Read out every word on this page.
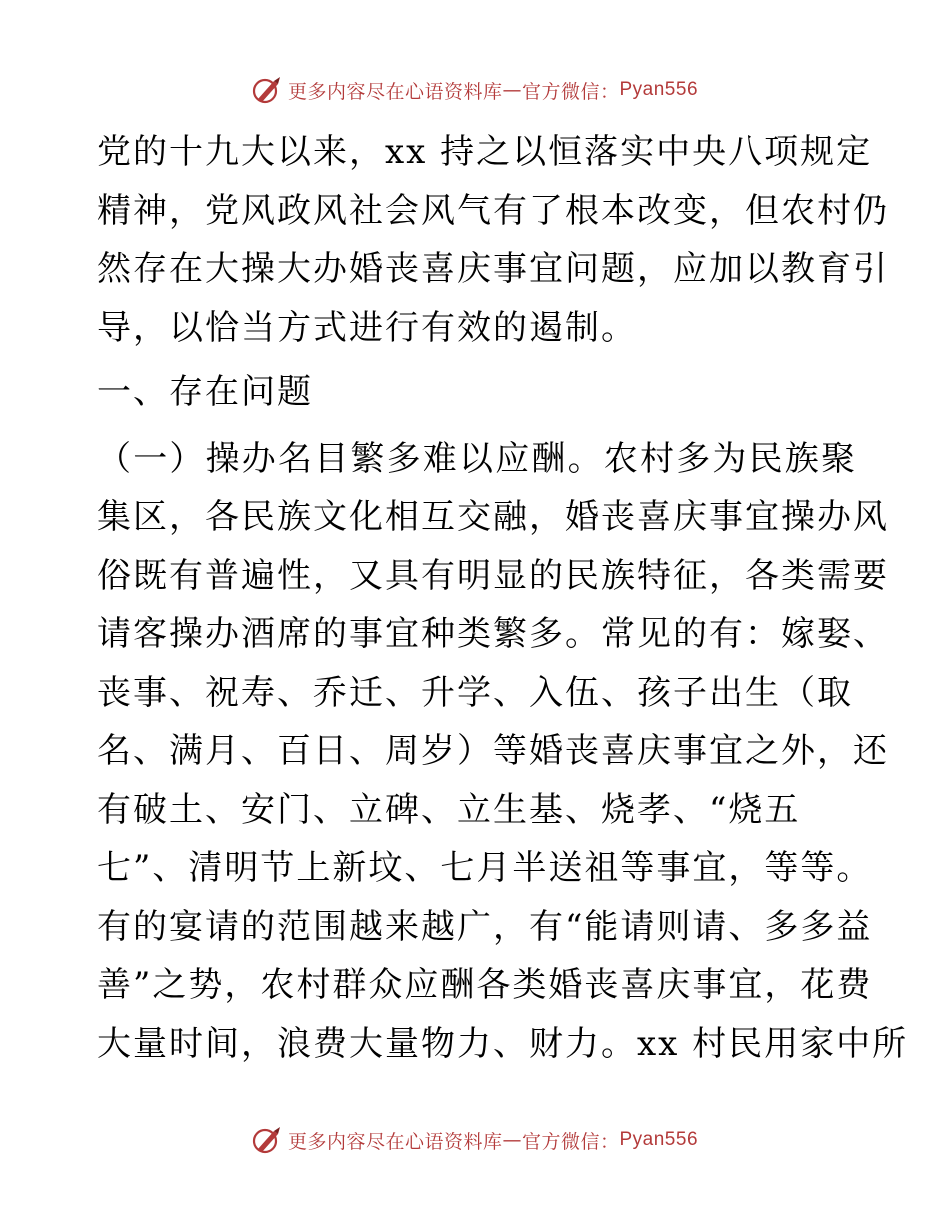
更多内容尽在心语资料库 — 官方微信： Pyan556
党的十九大以来，xx 持之以恒落实中央八项规定
精神，党风政风社会风气有了根本改变，但农村仍
然存在大操大办婚丧喜庆事宜问题，应加以教育引
导，以恰当方式进行有效的遏制。
一、存在问题
（一）操办名目繁多难以应酬。农村多为民族聚
集区，各民族文化相互交融，婚丧喜庆事宜操办风
俗既有普遍性，又具有明显的民族特征，各类需要
请客操办酒席的事宜种类繁多。常见的有：嫁娶、
丧事、祝寿、乔迁、升学、入伍、孩子出生（取
名、满月、百日、周岁）等婚丧喜庆事宜之外，还
有破土、安门、立碑、立生基、烧孝、“烧五
七”、清明节上新坟、七月半送祖等事宜，等等。
有的宴请的范围越来越广，有“能请则请、多多益
善”之势，农村群众应酬各类婚丧喜庆事宜，花费
大量时间，浪费大量物力、财力。xx 村民用家中所
更多内容尽在心语资料库 — 官方微信： Pyan556
